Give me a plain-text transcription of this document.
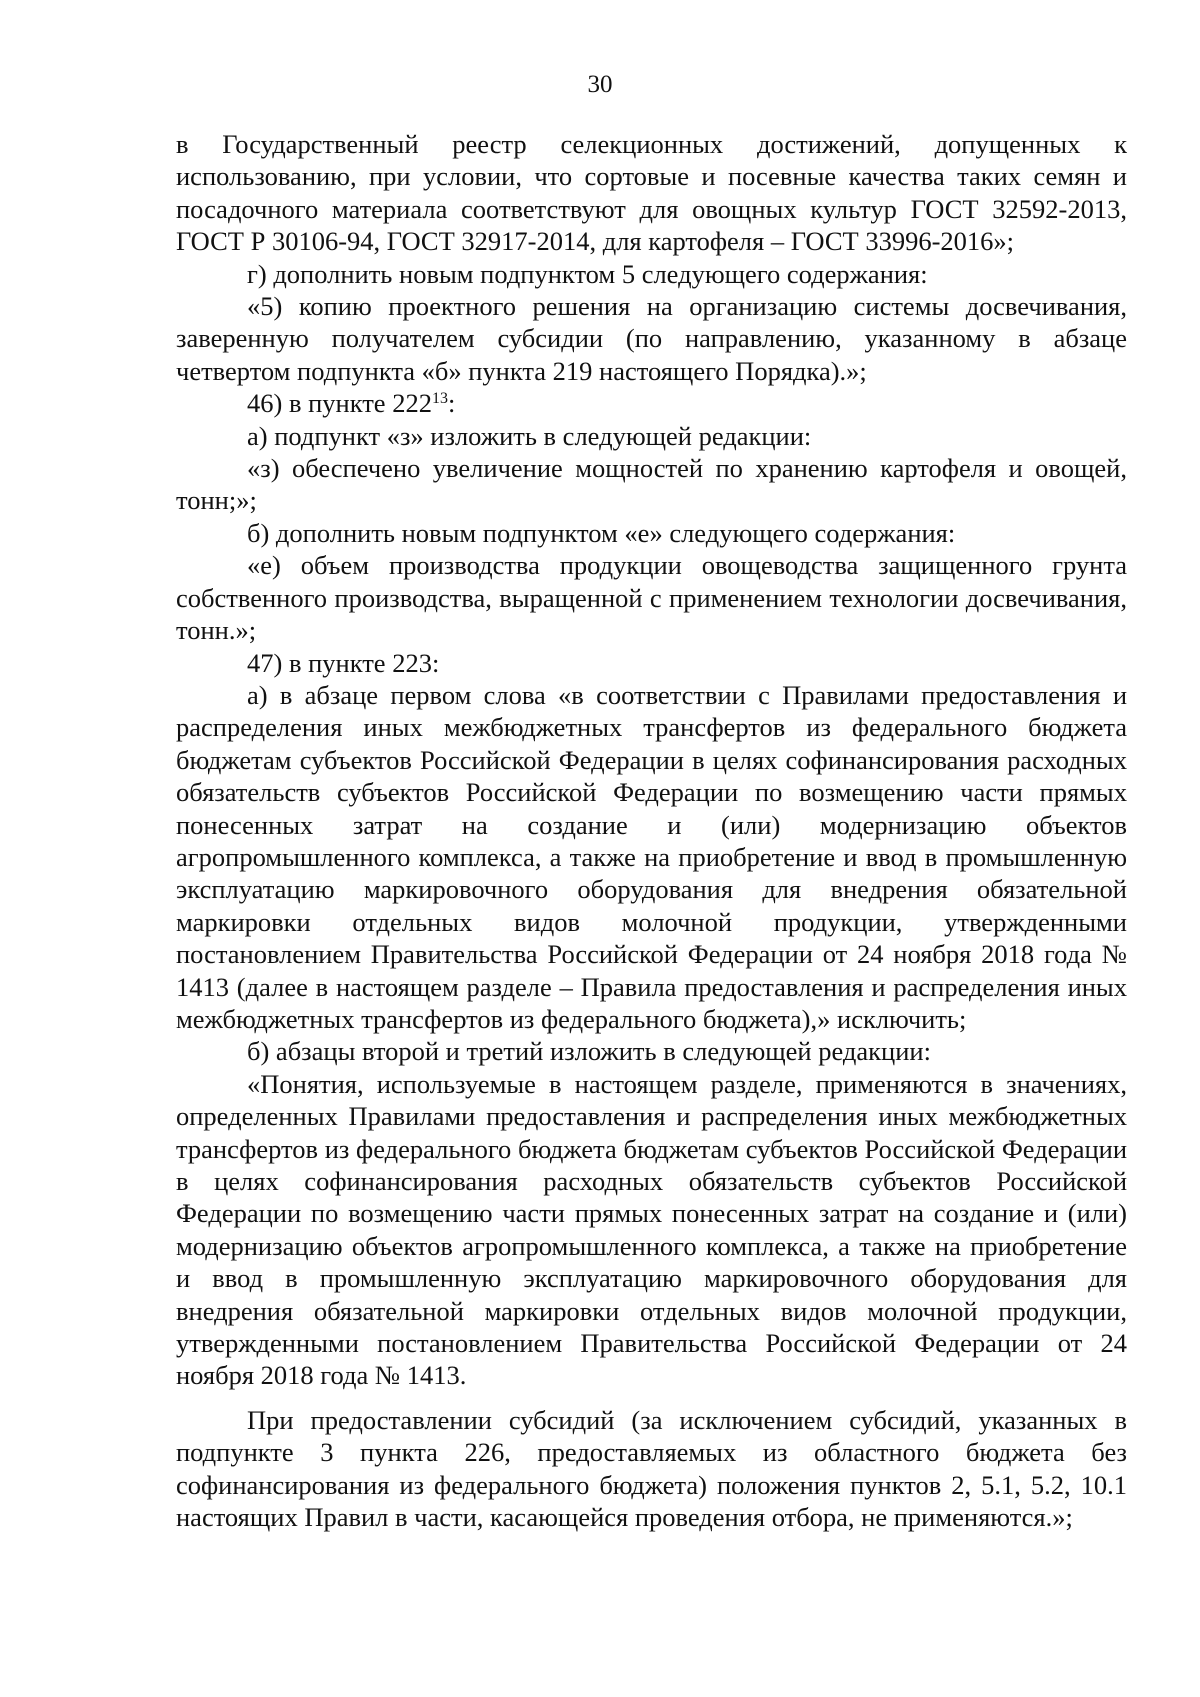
30

в Государственный реестр селекционных достижений, допущенных к использованию, при условии, что сортовые и посевные качества таких семян и посадочного материала соответствуют для овощных культур ГОСТ 32592-2013, ГОСТ Р 30106-94, ГОСТ 32917-2014, для картофеля – ГОСТ 33996-2016»;

г) дополнить новым подпунктом 5 следующего содержания:

«5) копию проектного решения на организацию системы досвечивания, заверенную получателем субсидии (по направлению, указанному в абзаце четвертом подпункта «б» пункта 219 настоящего Порядка).»;

46) в пункте $222^{13}$:

а) подпункт «з» изложить в следующей редакции:

«з) обеспечено увеличение мощностей по хранению картофеля и овощей, тонн;»;

б) дополнить новым подпунктом «е» следующего содержания:

«е) объем производства продукции овощеводства защищенного грунта собственного производства, выращенной с применением технологии досвечивания, тонн.»;

47) в пункте 223:

а) в абзаце первом слова «в соответствии с Правилами предоставления и распределения иных межбюджетных трансфертов из федерального бюджета бюджетам субъектов Российской Федерации в целях софинансирования расходных обязательств субъектов Российской Федерации по возмещению части прямых понесенных затрат на создание и (или) модернизацию объектов агропромышленного комплекса, а также на приобретение и ввод в промышленную эксплуатацию маркировочного оборудования для внедрения обязательной маркировки отдельных видов молочной продукции, утвержденными постановлением Правительства Российской Федерации от 24 ноября 2018 года № 1413 (далее в настоящем разделе – Правила предоставления и распределения иных межбюджетных трансфертов из федерального бюджета),» исключить;

б) абзацы второй и третий изложить в следующей редакции:

«Понятия, используемые в настоящем разделе, применяются в значениях, определенных Правилами предоставления и распределения иных межбюджетных трансфертов из федерального бюджета бюджетам субъектов Российской Федерации в целях софинансирования расходных обязательств субъектов Российской Федерации по возмещению части прямых понесенных затрат на создание и (или) модернизацию объектов агропромышленного комплекса, а также на приобретение и ввод в промышленную эксплуатацию маркировочного оборудования для внедрения обязательной маркировки отдельных видов молочной продукции, утвержденными постановлением Правительства Российской Федерации от 24 ноября 2018 года № 1413.

При предоставлении субсидий (за исключением субсидий, указанных в подпункте 3 пункта 226, предоставляемых из областного бюджета без софинансирования из федерального бюджета) положения пунктов 2, 5.1, 5.2, 10.1 настоящих Правил в части, касающейся проведения отбора, не применяются.»;
